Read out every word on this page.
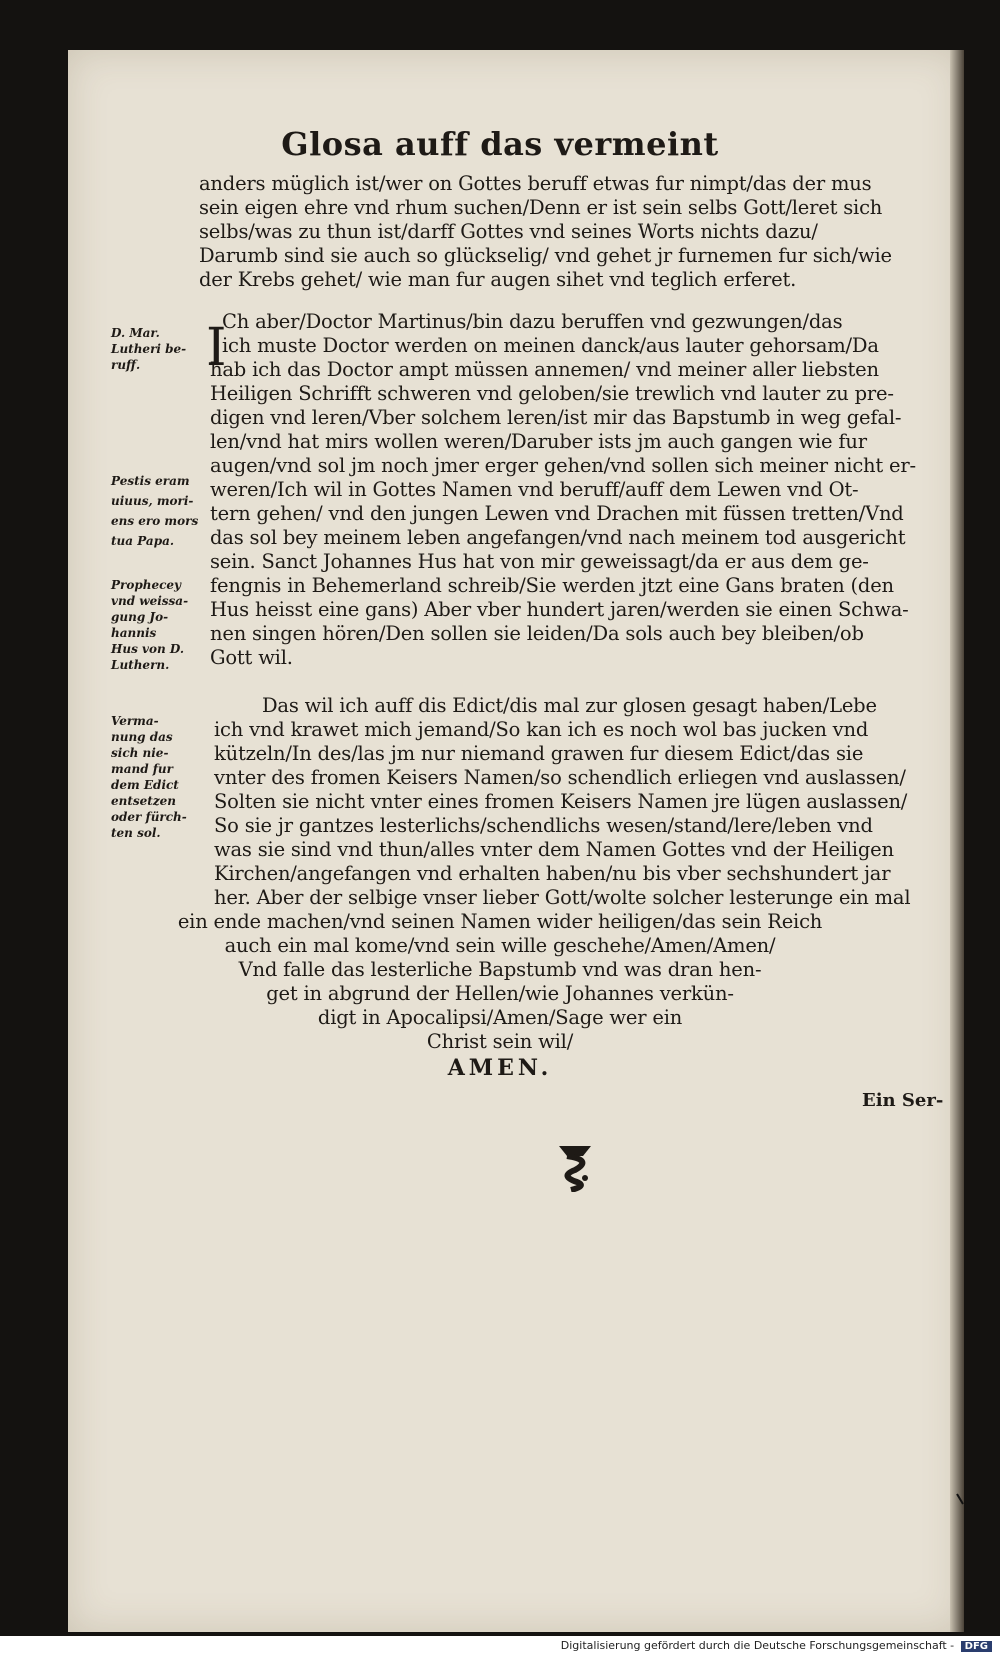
Glosa auff das vermeint
anders müglich ist/wer on Gottes beruff etwas fur nimpt/das der mus
sein eigen ehre vnd rhum suchen/Denn er ist sein selbs Gott/leret sich
selbs/was zu thun ist/darff Gottes vnd seines Worts nichts dazu/
Darumb sind sie auch so glückselig/ vnd gehet jr furnemen fur sich/wie
der Krebs gehet/ wie man fur augen sihet vnd teglich erferet.
I
Ch aber/Doctor Martinus/bin dazu beruffen vnd gezwungen/das
ich muste Doctor werden on meinen danck/aus lauter gehorsam/Da
hab ich das Doctor ampt müssen annemen/ vnd meiner aller liebsten
Heiligen Schrifft schweren vnd geloben/sie trewlich vnd lauter zu pre-
digen vnd leren/Vber solchem leren/ist mir das Bapstumb in weg gefal-
len/vnd hat mirs wollen weren/Daruber ists jm auch gangen wie fur
augen/vnd sol jm noch jmer erger gehen/vnd sollen sich meiner nicht er-
weren/Ich wil in Gottes Namen vnd beruff/auff dem Lewen vnd Ot-
tern gehen/ vnd den jungen Lewen vnd Drachen mit füssen tretten/Vnd
das sol bey meinem leben angefangen/vnd nach meinem tod ausgericht
sein. Sanct Johannes Hus hat von mir geweissagt/da er aus dem ge-
fengnis in Behemerland schreib/Sie werden jtzt eine Gans braten (den
Hus heisst eine gans) Aber vber hundert jaren/werden sie einen Schwa-
nen singen hören/Den sollen sie leiden/Da sols auch bey bleiben/ob
Gott wil.
Das wil ich auff dis Edict/dis mal zur glosen gesagt haben/Lebe
ich vnd krawet mich jemand/So kan ich es noch wol bas jucken vnd
kützeln/In des/las jm nur niemand grawen fur diesem Edict/das sie
vnter des fromen Keisers Namen/so schendlich erliegen vnd auslassen/
Solten sie nicht vnter eines fromen Keisers Namen jre lügen auslassen/
So sie jr gantzes lesterlichs/schendlichs wesen/stand/lere/leben vnd
was sie sind vnd thun/alles vnter dem Namen Gottes vnd der Heiligen
Kirchen/angefangen vnd erhalten haben/nu bis vber sechshundert jar
her. Aber der selbige vnser lieber Gott/wolte solcher lesterunge ein mal
ein ende machen/vnd seinen Namen wider heiligen/das sein Reich
auch ein mal kome/vnd sein wille geschehe/Amen/Amen/
Vnd falle das lesterliche Bapstumb vnd was dran hen-
get in abgrund der Hellen/wie Johannes verkün-
digt in Apocalipsi/Amen/Sage wer ein
Christ sein wil/
AMEN.
D. Mar.
Lutheri be-
ruff.
Pestis eram
uiuus, mori-
ens ero mors
tua Papa.
Prophecey
vnd weissa-
gung Jo-
hannis
Hus von D.
Luthern.
Verma-
nung das
sich nie-
mand fur
dem Edict
entsetzen
oder fürch-
ten sol.
Ein Ser-
Digitalisierung gefördert durch die Deutsche Forschungsgemeinschaft - DFG
